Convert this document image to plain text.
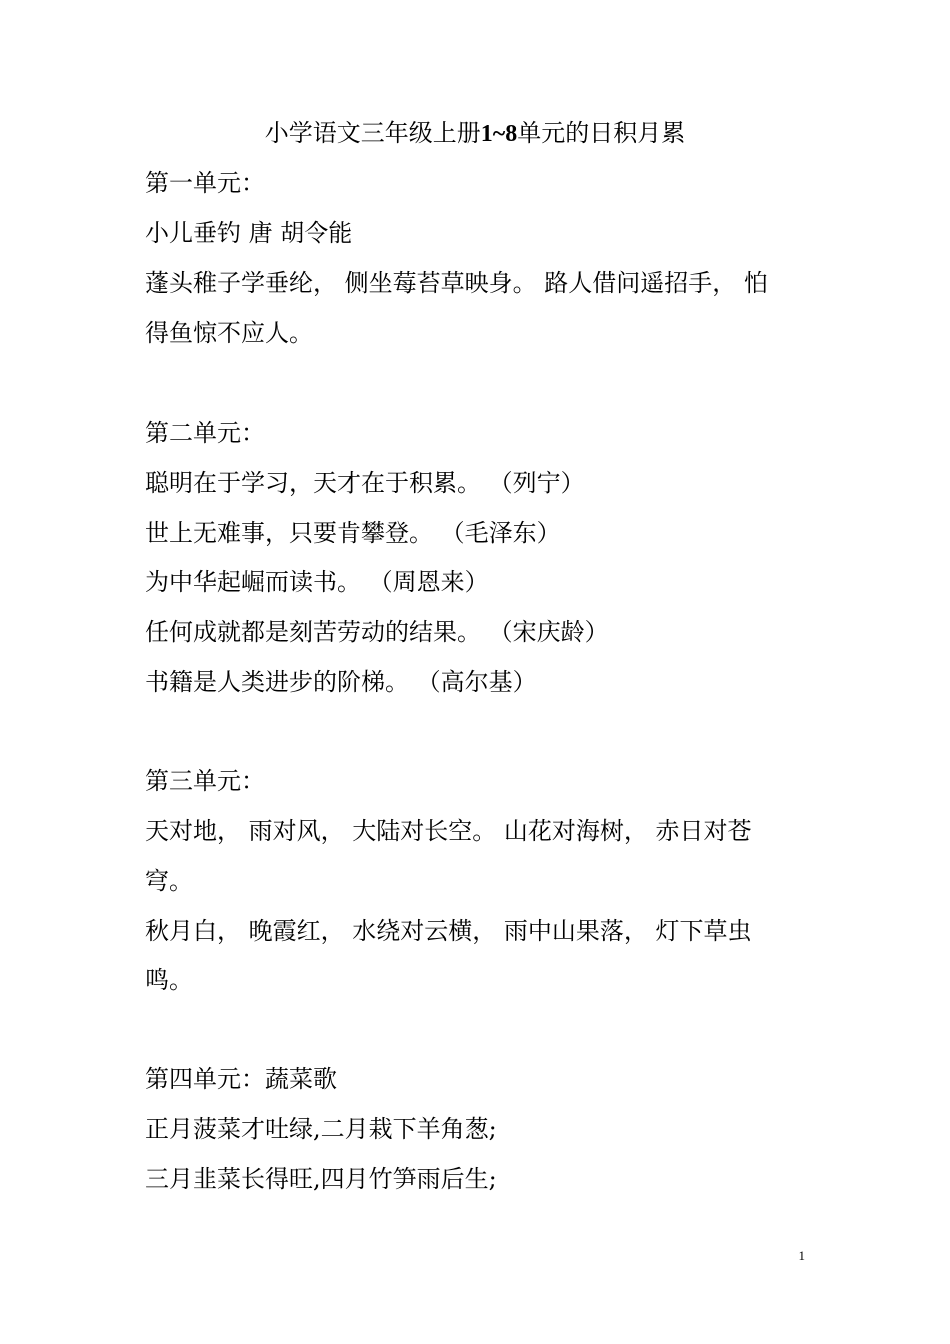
小学语文三年级上册1~8单元的日积月累
第一单元：
小儿垂钓 唐 胡令能
蓬头稚子学垂纶， 侧坐莓苔草映身。 路人借问遥招手， 怕
得鱼惊不应人。
第二单元：
聪明在于学习，天才在于积累。 （列宁）
世上无难事，只要肯攀登。 （毛泽东）
为中华起崛而读书。 （周恩来）
任何成就都是刻苦劳动的结果。 （宋庆龄）
书籍是人类进步的阶梯。 （高尔基）
第三单元：
天对地， 雨对风， 大陆对长空。 山花对海树， 赤日对苍
穹。
秋月白， 晚霞红， 水绕对云横， 雨中山果落， 灯下草虫
鸣。
第四单元：蔬菜歌
正月菠菜才吐绿,二月栽下羊角葱;
三月韭菜长得旺,四月竹笋雨后生;
1
